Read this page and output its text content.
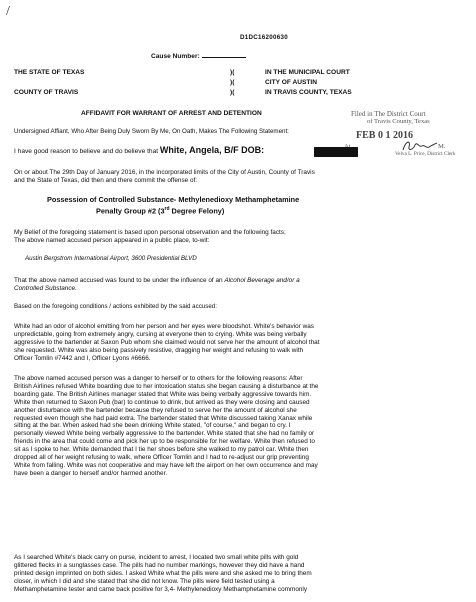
/
D1DC16200630
Cause Number:
THE STATE OF TEXAS
COUNTY OF TRAVIS
)(
)(
)(
IN THE MUNICIPAL COURT
CITY OF AUSTIN
IN TRAVIS COUNTY, TEXAS
AFFIDAVIT FOR WARRANT OF ARREST AND DETENTION	Filed in The District Court
of Travis County, Texas
FEB 0 1 2016
M.
Velva L. Price, District Clerk
Undersigned Affiant, Who After Being Duly Sworn By Me, On Oath, Makes The Following Statement:
I have good reason to believe and do believe that White, Angela, B/F DOB:
On or about The 29th Day of January 2016, in the incorporated limits of the City of Austin, County of Travis
and the State of Texas, did then and there commit the offense of:
Possession of Controlled Substance- Methylenedioxy Methamphetamine
Penalty Group #2 (3rd Degree Felony)
My Belief of the foregoing statement is based upon personal observation and the following facts;
The above named accused person appeared in a public place, to-wit:
Austin Bergstrom International Airport, 3600 Presidential BLVD
That the above named accused was found to be under the influence of an Alcohol Beverage and/or a
Controlled Substance.
Based on the foregoing conditions / actions exhibited by the said accused:
White had an odor of alcohol emitting from her person and her eyes were bloodshot. White's behavior was
unpredictable, going from extremely angry, cursing at everyone then to crying. White was being verbally
aggressive to the bartender at Saxon Pub whom she claimed would not serve her the amount of alcohol that
she requested. White was also being passively resistive, dragging her weight and refusing to walk with
Officer Tomlin #7442 and I, Officer Lyons #6666.
The above named accused person was a danger to herself or to others for the following reasons: After
British Airlines refused White boarding due to her intoxication status she began causing a disturbance at the
boarding gate. The British Airlines manager stated that White was being verbally aggressive towards him.
White then returned to Saxon Pub (bar) to continue to drink, but arrived as they were closing and caused
another disturbance with the bartender because they refused to serve her the amount of alcohol she
requested even though she had paid extra. The bartender stated that White discussed taking Xanax while
sitting at the bar. When asked had she been drinking White stated, "of course," and began to cry. I
personally viewed White being verbally aggressive to the bartender. White stated that she had no family or
friends in the area that could come and pick her up to be responsible for her welfare. White then refused to
sit as I spoke to her. White demanded that I tie her shoes before she walked to my patrol car. White then
dropped all of her weight refusing to walk, where Officer Tomlin and I had to re-adjust our grip preventing
White from falling. White was not cooperative and may have left the airport on her own occurrence and may
have been a danger to herself and/or harmed another.
As I searched White's black carry on purse, incident to arrest, I located two small white pills with gold
glittered flecks in a sunglasses case. The pills had no number markings, however they did have a hand
printed design imprinted on both sides. I asked White what the pills were and she asked me to bring them
closer, in which I did and she stated that she did not know. The pills were field tested using a
Methamphetamine tester and came back positive for 3,4- Methylenedioxy Methamphetamine commonly
